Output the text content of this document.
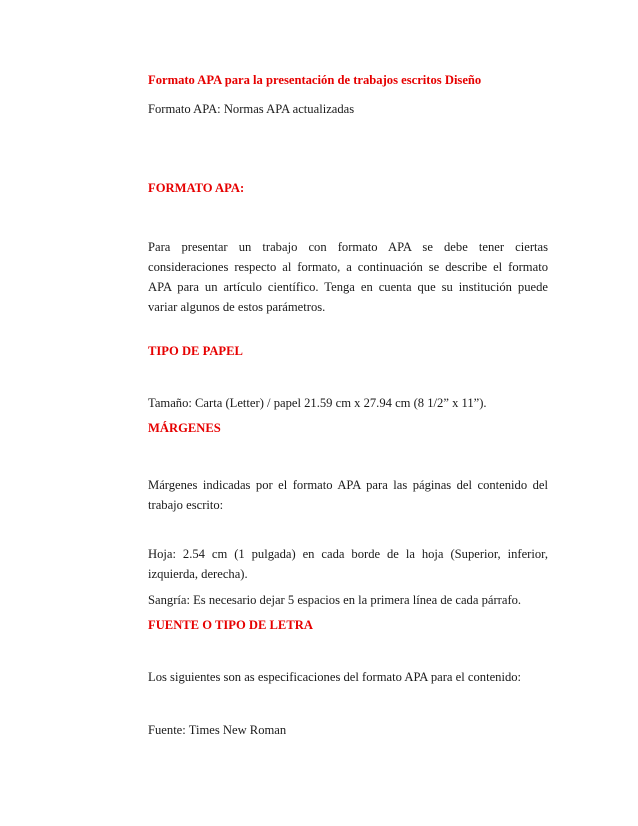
Formato APA para la presentación de trabajos escritos Diseño

Formato APA: Normas APA actualizadas

FORMATO APA:

Para presentar un trabajo con formato APA se debe tener ciertas consideraciones respecto al formato, a continuación se describe el formato APA para un artículo científico. Tenga en cuenta que su institución puede variar algunos de estos parámetros.

TIPO DE PAPEL

Tamaño: Carta (Letter) / papel 21.59 cm x 27.94 cm (8 1/2” x 11”).

MÁRGENES

Márgenes indicadas por el formato APA para las páginas del contenido del trabajo escrito:

Hoja: 2.54 cm (1 pulgada) en cada borde de la hoja (Superior, inferior, izquierda, derecha).

Sangría: Es necesario dejar 5 espacios en la primera línea de cada párrafo.

FUENTE O TIPO DE LETRA

Los siguientes son as especificaciones del formato APA para el contenido:

Fuente: Times New Roman
